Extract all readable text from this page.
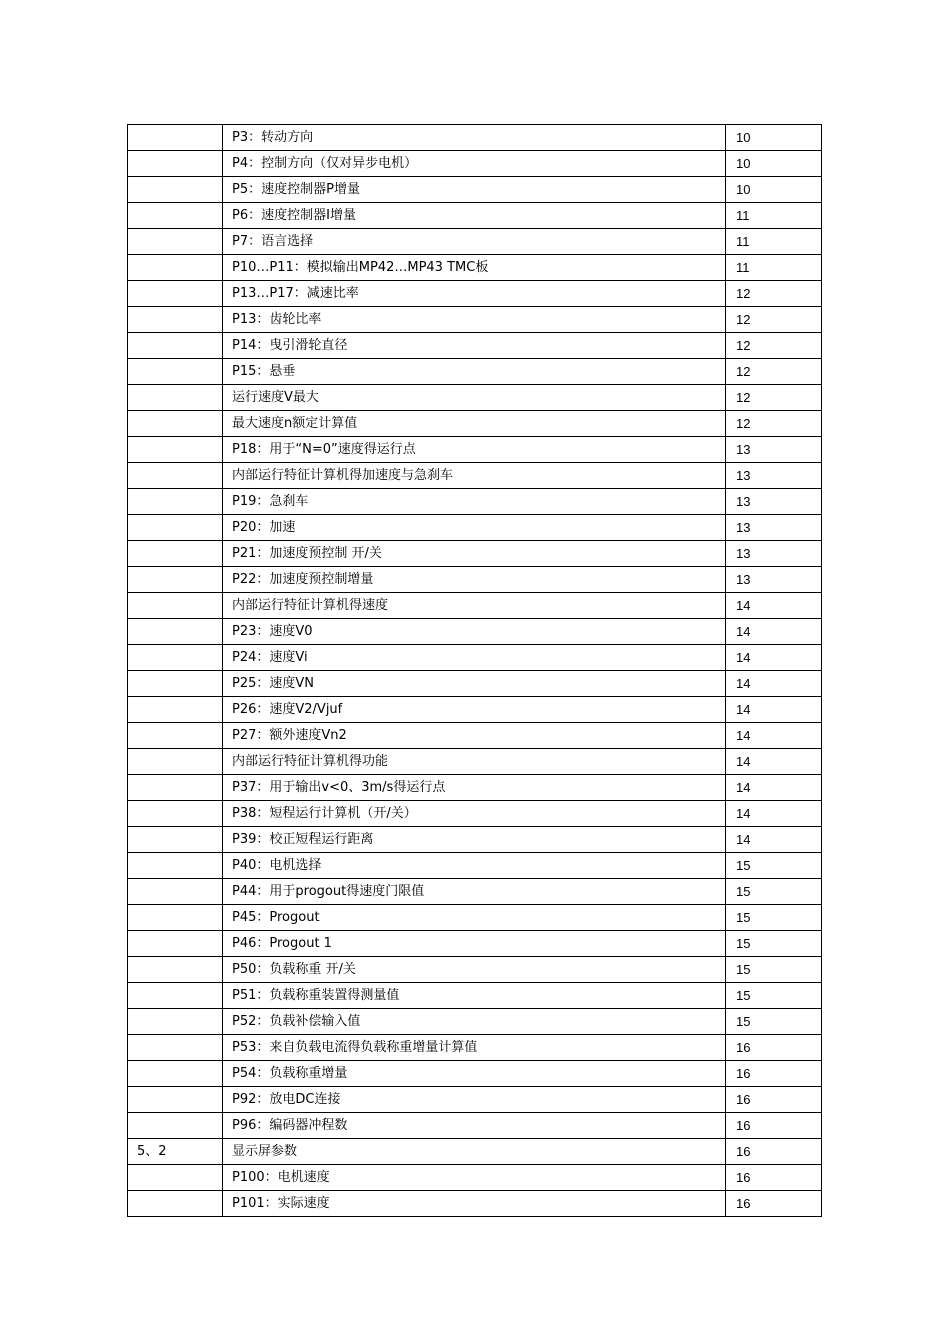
	P3：转动方向	10
	P4：控制方向（仅对异步电机）	10
	P5：速度控制器P增量	10
	P6：速度控制器I增量	11
	P7：语言选择	11
	P10…P11：模拟输出MP42…MP43 TMC板	11
	P13…P17：减速比率	12
	P13：齿轮比率	12
	P14：曳引滑轮直径	12
	P15：悬垂	12
	运行速度V最大	12
	最大速度n额定计算值	12
	P18：用于“N=0”速度得运行点	13
	内部运行特征计算机得加速度与急刹车	13
	P19：急刹车	13
	P20：加速	13
	P21：加速度预控制 开/关	13
	P22：加速度预控制增量	13
	内部运行特征计算机得速度	14
	P23：速度V0	14
	P24：速度Vi	14
	P25：速度VN	14
	P26：速度V2/Vjuf	14
	P27：额外速度Vn2	14
	内部运行特征计算机得功能	14
	P37：用于输出v<0、3m/s得运行点	14
	P38：短程运行计算机（开/关）	14
	P39：校正短程运行距离	14
	P40：电机选择	15
	P44：用于progout得速度门限值	15
	P45：Progout	15
	P46：Progout 1	15
	P50：负载称重 开/关	15
	P51：负载称重装置得测量值	15
	P52：负载补偿输入值	15
	P53：来自负载电流得负载称重增量计算值	16
	P54：负载称重增量	16
	P92：放电DC连接	16
	P96：编码器冲程数	16
5、2	显示屏参数	16
	P100：电机速度	16
	P101：实际速度	16
